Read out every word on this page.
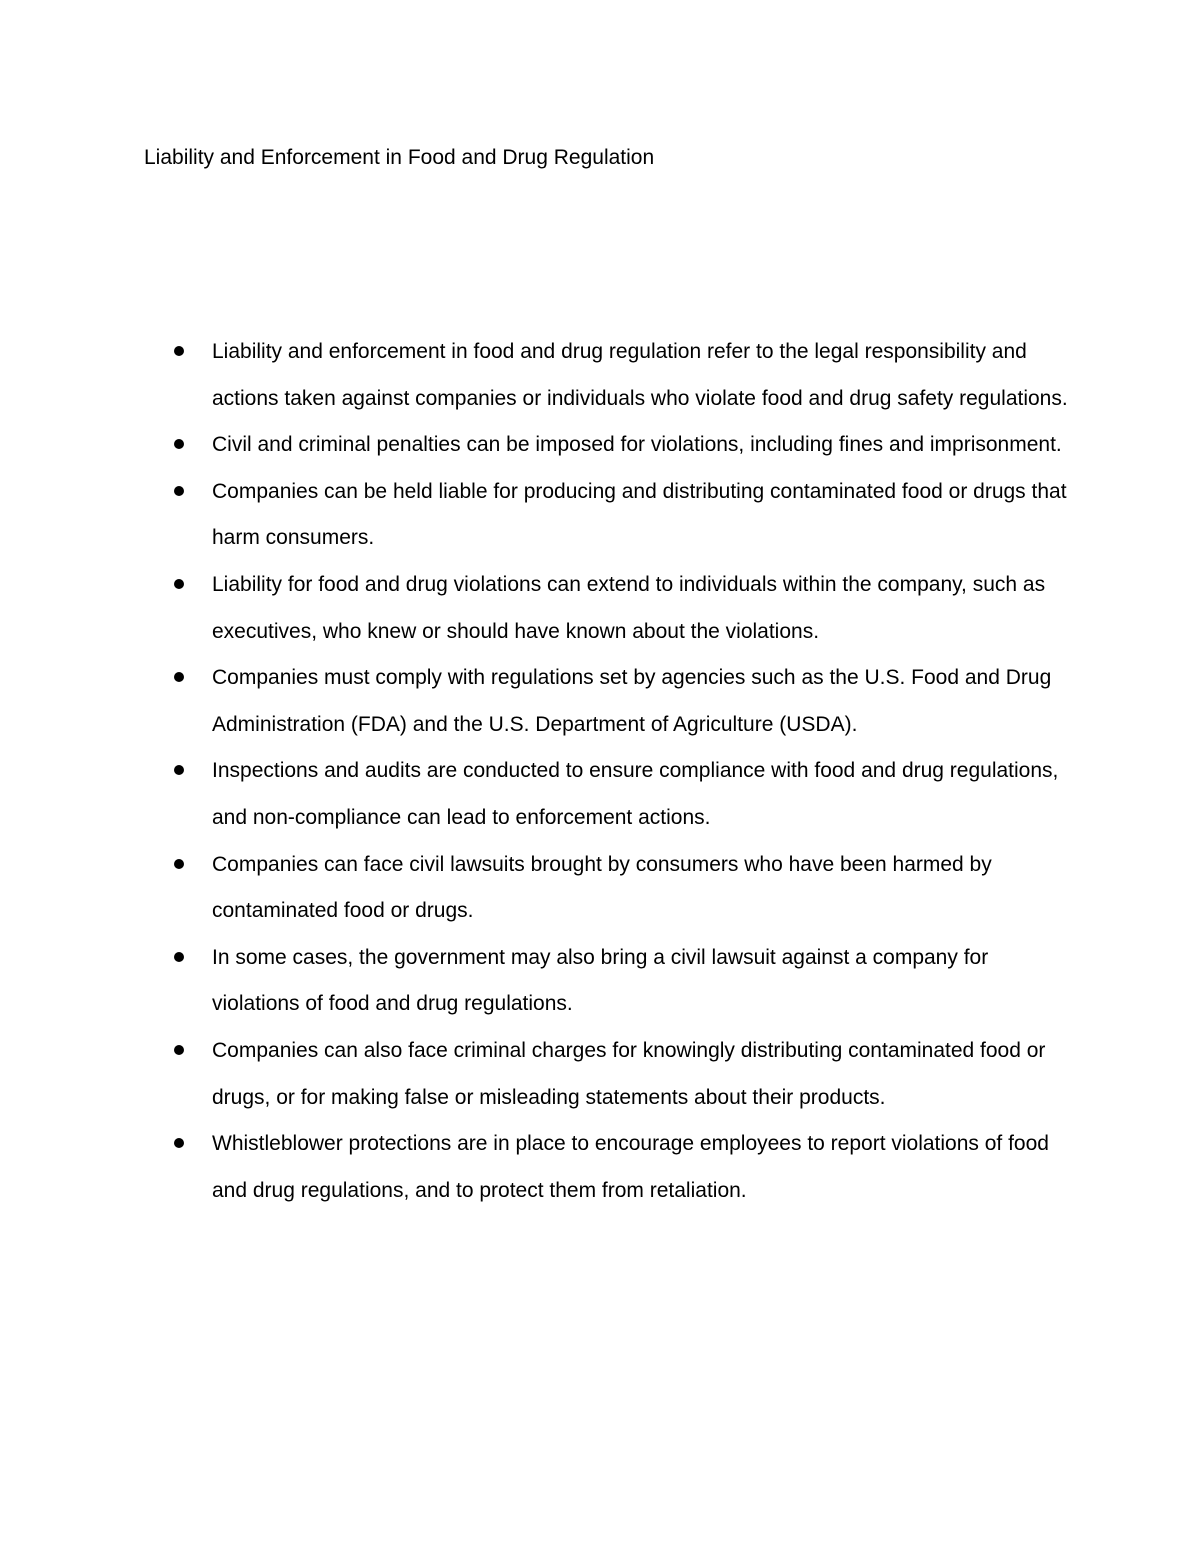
Liability and Enforcement in Food and Drug Regulation
Liability and enforcement in food and drug regulation refer to the legal responsibility and actions taken against companies or individuals who violate food and drug safety regulations.
Civil and criminal penalties can be imposed for violations, including fines and imprisonment.
Companies can be held liable for producing and distributing contaminated food or drugs that harm consumers.
Liability for food and drug violations can extend to individuals within the company, such as executives, who knew or should have known about the violations.
Companies must comply with regulations set by agencies such as the U.S. Food and Drug Administration (FDA) and the U.S. Department of Agriculture (USDA).
Inspections and audits are conducted to ensure compliance with food and drug regulations, and non-compliance can lead to enforcement actions.
Companies can face civil lawsuits brought by consumers who have been harmed by contaminated food or drugs.
In some cases, the government may also bring a civil lawsuit against a company for violations of food and drug regulations.
Companies can also face criminal charges for knowingly distributing contaminated food or drugs, or for making false or misleading statements about their products.
Whistleblower protections are in place to encourage employees to report violations of food and drug regulations, and to protect them from retaliation.
